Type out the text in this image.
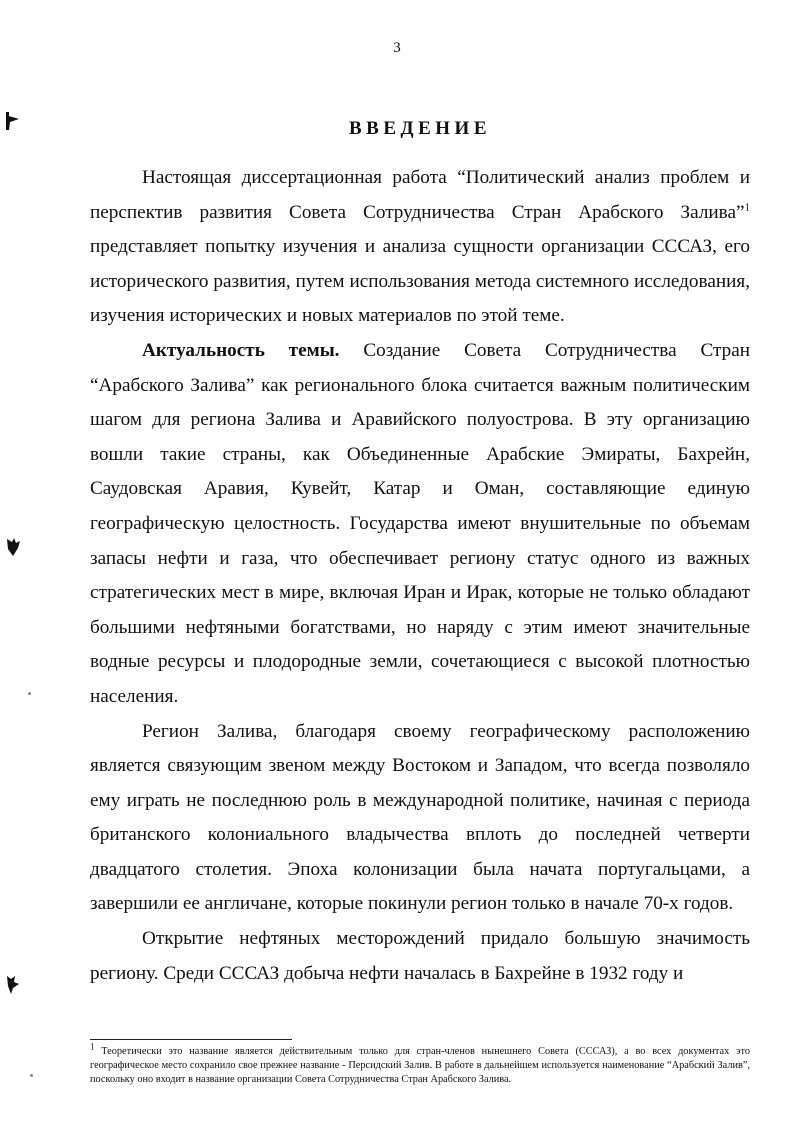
3
ВВЕДЕНИЕ

Настоящая диссертационная работа “Политический анализ проблем и перспектив развития Совета Сотрудничества Стран Арабского Залива”$^1$ представляет попытку изучения и анализа сущности организации СССАЗ, его исторического развития, путем использования метода системного исследования, изучения исторических и новых материалов по этой теме.

Актуальность темы. Создание Совета Сотрудничества Стран “Арабского Залива” как регионального блока считается важным политическим шагом для региона Залива и Аравийского полуострова. В эту организацию вошли такие страны, как Объединенные Арабские Эмираты, Бахрейн, Саудовская Аравия, Кувейт, Катар и Оман, составляющие единую географическую целостность. Государства имеют внушительные по объемам запасы нефти и газа, что обеспечивает региону статус одного из важных стратегических мест в мире, включая Иран и Ирак, которые не только обладают большими нефтяными богатствами, но наряду с этим имеют значительные водные ресурсы и плодородные земли, сочетающиеся с высокой плотностью населения.

Регион Залива, благодаря своему географическому расположению является связующим звеном между Востоком и Западом, что всегда позволяло ему играть не последнюю роль в международной политике, начиная с периода британского колониального владычества вплоть до последней четверти двадцатого столетия. Эпоха колонизации была начата португальцами, а завершили ее англичане, которые покинули регион только в начале 70-х годов.

Открытие нефтяных месторождений придало большую значимость региону. Среди СССАЗ добыча нефти началась в Бахрейне в 1932 году и

$^1$ Теоретически это название является действительным только для стран-членов нынешнего Совета (СССАЗ), а во всех документах это географическое место сохранило свое прежнее название - Персидский Залив. В работе в дальнейшем используется наименование “Арабский Залив”, поскольку оно входит в название организации Совета Сотрудничества Стран Арабского Залива.
